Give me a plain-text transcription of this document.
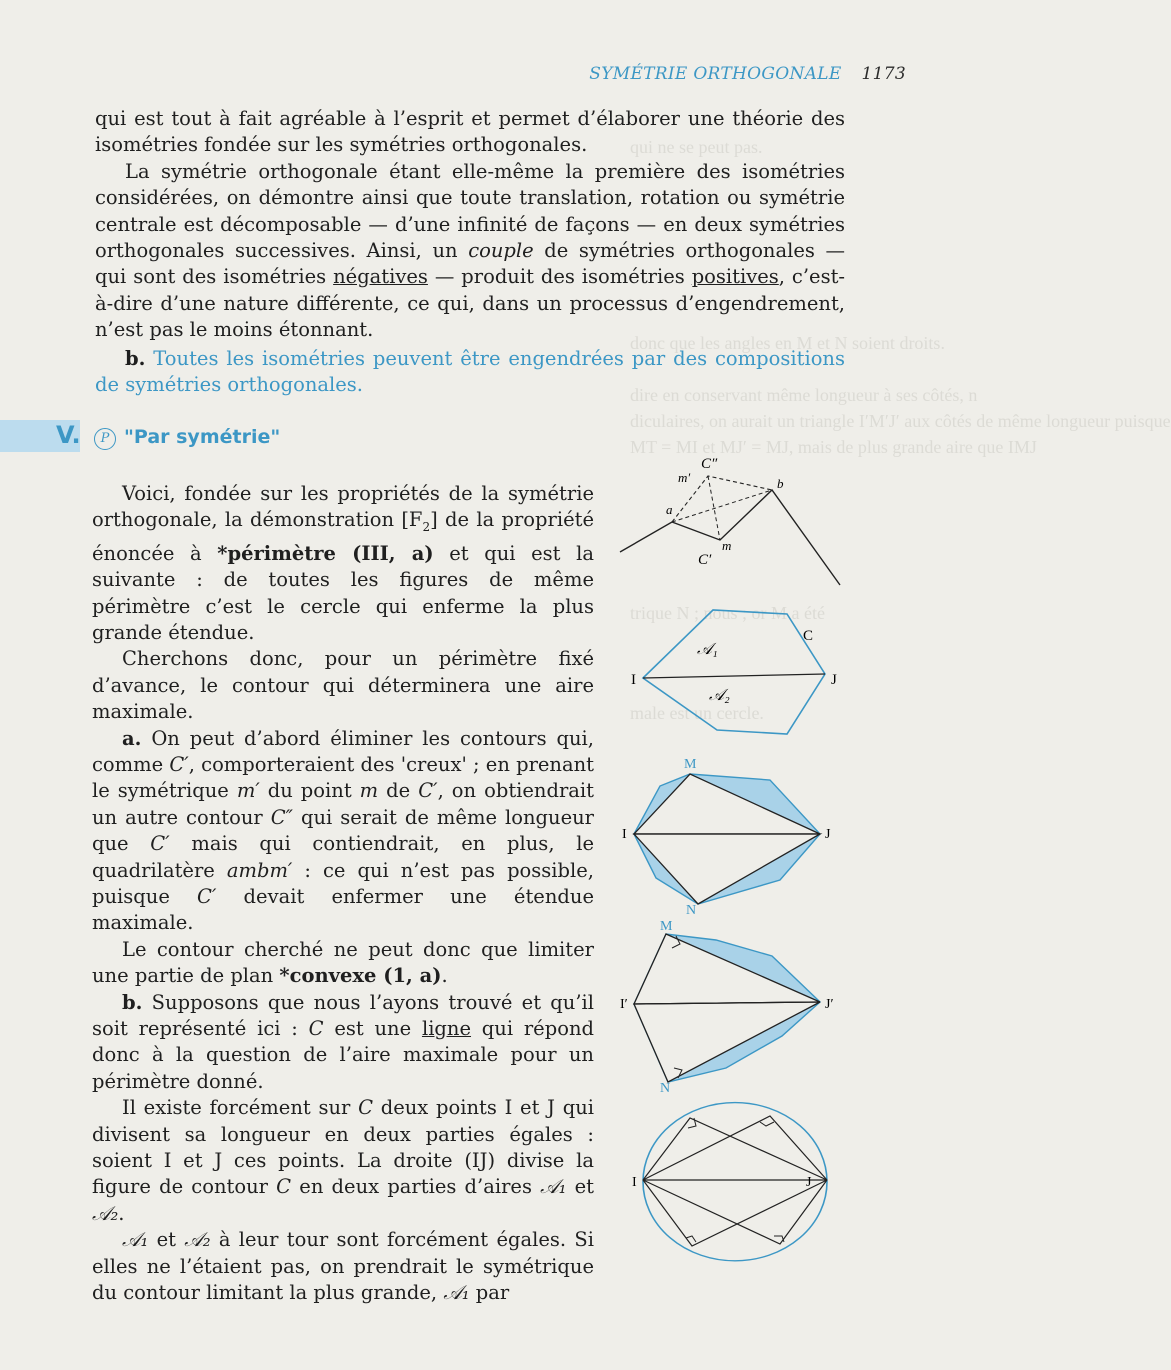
qui ne se peut pas.
donc que les angles en M et N soient droits.
dire en conservant même longueur à ses côtés, n
diculaires, on aurait un triangle I′M′J′ aux côtés de même longueur puisque
MT = MI et MJ′ = MJ, mais de plus grande aire que IMJ
trique N ; nous ; or M a été
male est un cercle.
SYMÉTRIE ORTHOGONALE 1173

qui est tout à fait agréable à l’esprit et permet d’élaborer une théorie des isométries fondée sur les symétries orthogonales.

La symétrie orthogonale étant elle-même la première des isométries considérées, on démontre ainsi que toute translation, rotation ou symétrie centrale est décomposable — d’une infinité de façons — en deux symétries orthogonales successives. Ainsi, un couple de symétries orthogonales — qui sont des isométries négatives — produit des isométries positives, c’est-à-dire d’une nature différente, ce qui, dans un processus d’engendrement, n’est pas le moins étonnant.

b. Toutes les isométries peuvent être engendrées par des compositions de symétries orthogonales.

V.	P "Par symétrie"

Voici, fondée sur les propriétés de la symétrie orthogonale, la démonstration $[F_2]$ de la propriété énoncée à *périmètre (III, a) et qui est la suivante : de toutes les figures de même périmètre c’est le cercle qui enferme la plus grande étendue.

Cherchons donc, pour un périmètre fixé d’avance, le contour qui déterminera une aire maximale.

a. On peut d’abord éliminer les contours qui, comme C′, comporteraient des 'creux' ; en prenant le symétrique m′ du point m de C′, on obtiendrait un autre contour C″ qui serait de même longueur que C′ mais qui contiendrait, en plus, le quadrilatère ambm′ : ce qui n’est pas possible, puisque C′ devait enfermer une étendue maximale.

Le contour cherché ne peut donc que limiter une partie de plan *convexe (1, a).

b. Supposons que nous l’ayons trouvé et qu’il soit représenté ici : C est une ligne qui répond donc à la question de l’aire maximale pour un périmètre donné.

Il existe forcément sur C deux points I et J qui divisent sa longueur en deux parties égales : soient I et J ces points. La droite (IJ) divise la figure de contour C en deux parties d’aires 𝒜₁ et 𝒜₂.

𝒜₁ et 𝒜₂ à leur tour sont forcément égales. Si elles ne l’étaient pas, on prendrait le symétrique du contour limitant la plus grande, 𝒜₁ par

C″
m′	b
a
C′
m
𝒜₁
C
I	J
𝒜₂
M
I	J
N
M
I′	J′
N
I	J
